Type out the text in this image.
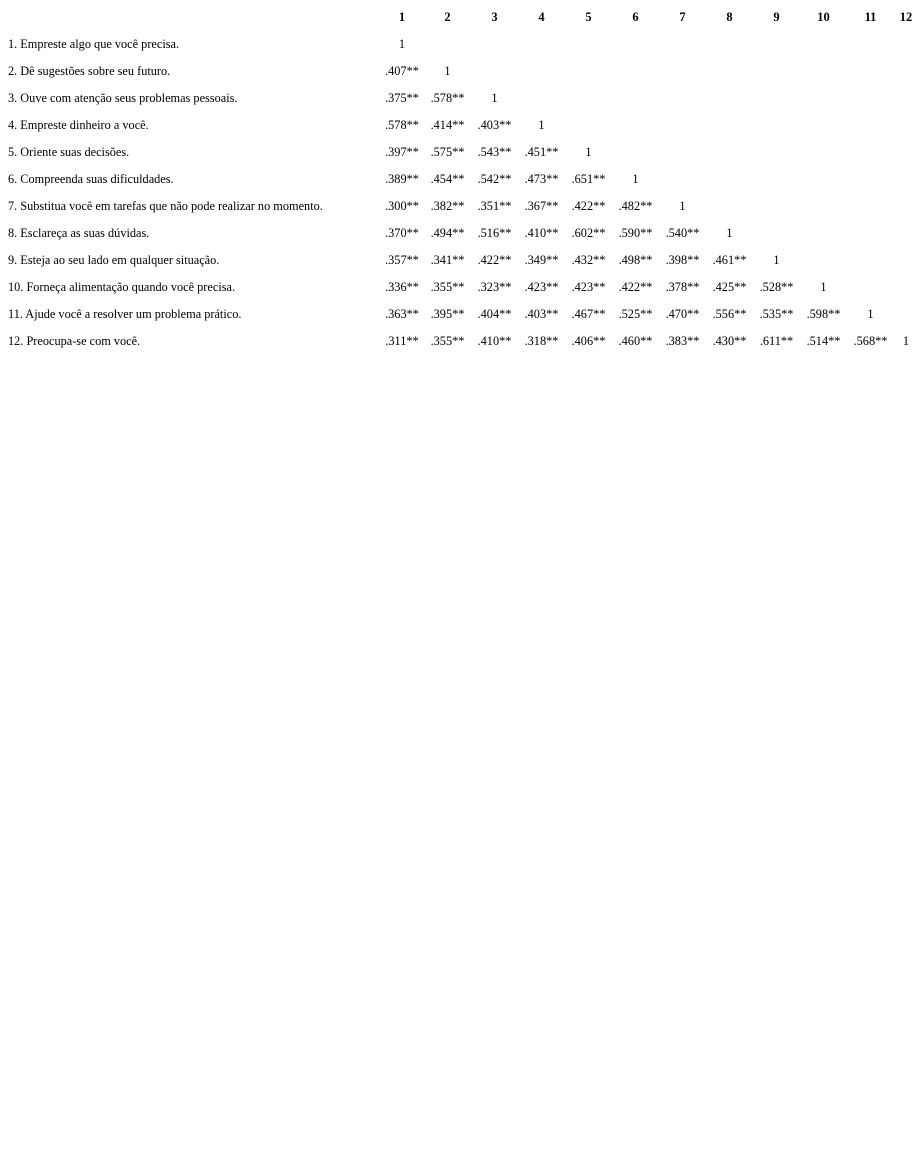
	1	2	3	4	5	6	7	8	9	10	11	12
1. Empreste algo que você precisa.	1											
2. Dê sugestões sobre seu futuro.	.407**	1										
3. Ouve com atenção seus problemas pessoais.	.375**	.578**	1									
4. Empreste dinheiro a você.	.578**	.414**	.403**	1								
5. Oriente suas decisões.	.397**	.575**	.543**	.451**	1							
6. Compreenda suas dificuldades.	.389**	.454**	.542**	.473**	.651**	1						
7. Substitua você em tarefas que não pode realizar no momento.	.300**	.382**	.351**	.367**	.422**	.482**	1					
8. Esclareça as suas dúvidas.	.370**	.494**	.516**	.410**	.602**	.590**	.540**	1				
9. Esteja ao seu lado em qualquer situação.	.357**	.341**	.422**	.349**	.432**	.498**	.398**	.461**	1			
10. Forneça alimentação quando você precisa.	.336**	.355**	.323**	.423**	.423**	.422**	.378**	.425**	.528**	1		
11. Ajude você a resolver um problema prático.	.363**	.395**	.404**	.403**	.467**	.525**	.470**	.556**	.535**	.598**	1	
12. Preocupa-se com você.	.311**	.355**	.410**	.318**	.406**	.460**	.383**	.430**	.611**	.514**	.568**	1
